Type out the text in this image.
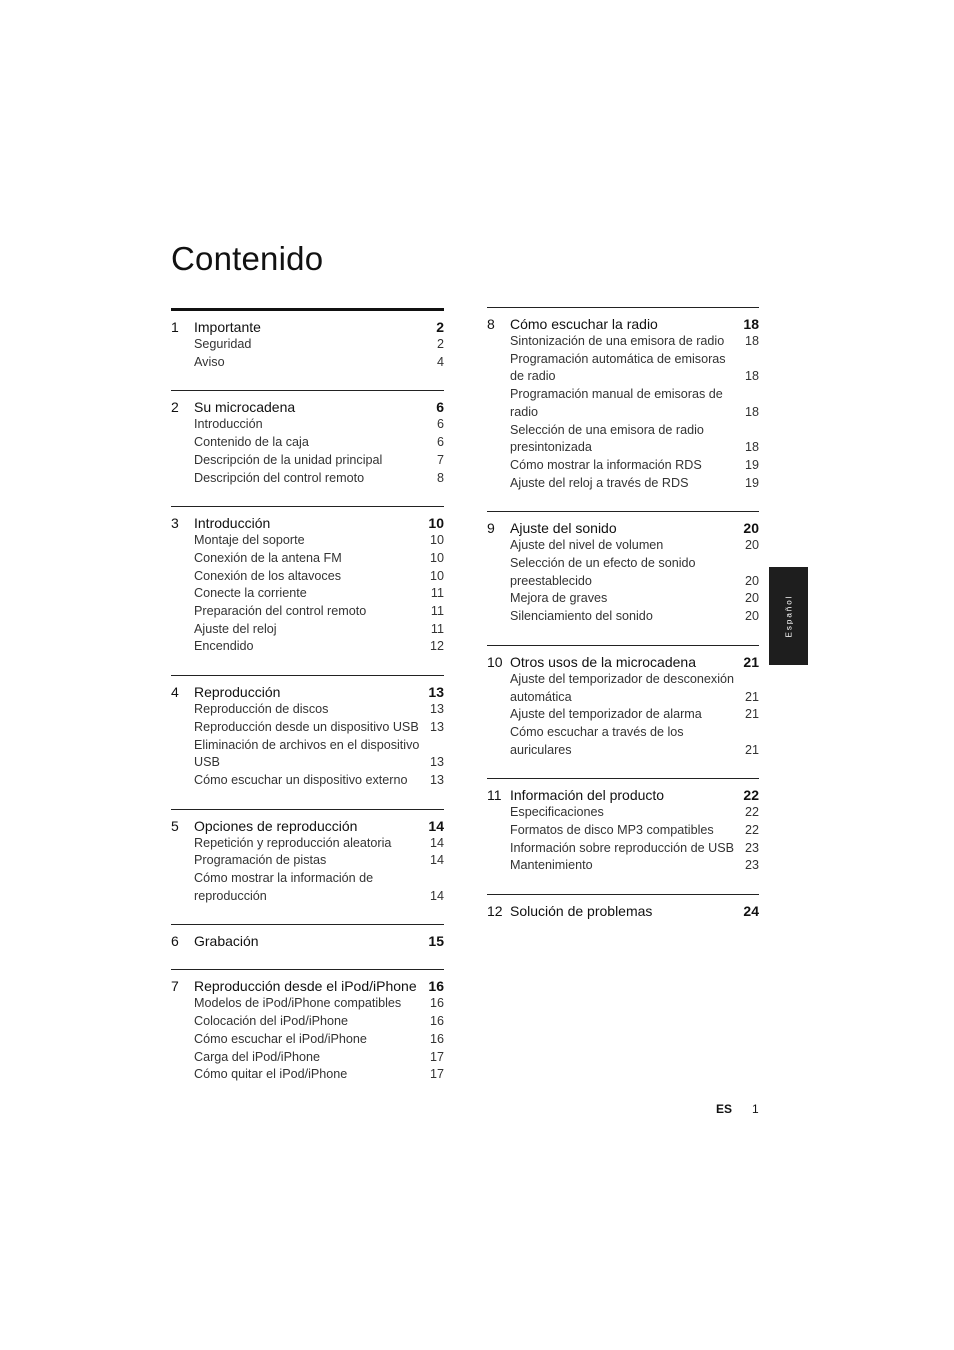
Contenido
1	Importante	2
Seguridad	2
Aviso	4
2	Su microcadena	6
Introducción	6
Contenido de la caja	6
Descripción de la unidad principal	7
Descripción del control remoto	8
3	Introducción	10
Montaje del soporte	10
Conexión de la antena FM	10
Conexión de los altavoces	10
Conecte la corriente	11
Preparación del control remoto	11
Ajuste del reloj	11
Encendido	12
4	Reproducción	13
Reproducción de discos	13
Reproducción desde un dispositivo USB 13
Eliminación de archivos en el dispositivo USB	13
Cómo escuchar un dispositivo externo	13
5	Opciones de reproducción	14
Repetición y reproducción aleatoria	14
Programación de pistas	14
Cómo mostrar la información de reproducción	14
6	Grabación	15
7	Reproducción desde el iPod/iPhone 16
Modelos de iPod/iPhone compatibles	16
Colocación del iPod/iPhone	16
Cómo escuchar el iPod/iPhone	16
Carga del iPod/iPhone	17
Cómo quitar el iPod/iPhone	17
8	Cómo escuchar la radio	18
Sintonización de una emisora de radio	18
Programación automática de emisoras de radio	18
Programación manual de emisoras de radio	18
Selección de una emisora de radio presintonizada	18
Cómo mostrar la información RDS	19
Ajuste del reloj a través de RDS	19
9	Ajuste del sonido	20
Ajuste del nivel de volumen	20
Selección de un efecto de sonido preestablecido	20
Mejora de graves	20
Silenciamiento del sonido	20
10 Otros usos de la microcadena	21
Ajuste del temporizador de desconexión automática	21
Ajuste del temporizador de alarma	21
Cómo escuchar a través de los auriculares	21
11 Información del producto	22
Especificaciones	22
Formatos de disco MP3 compatibles	22
Información sobre reproducción de USB 23
Mantenimiento	23
12 Solución de problemas	24
Español
ES 1
